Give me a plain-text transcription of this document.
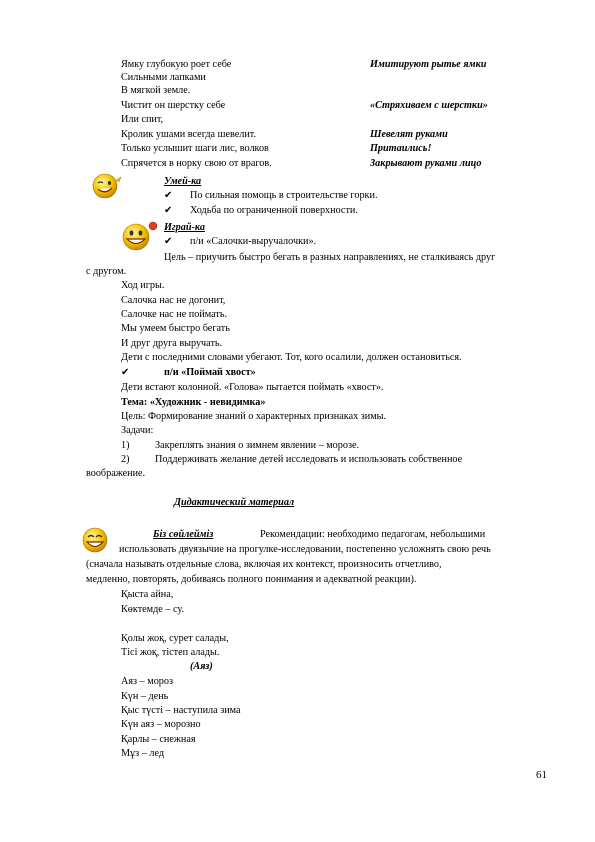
Ямку глубокую роет себе	Имитируют рытье ямки
Сильными лапками
В мягкой земле.
Чистит он шерстку себе	«Стряхиваем с шерстки»
Или спит,
Кролик ушами всегда шевелит.	Шевелят руками
Только услышит шаги лис, волков	Притаились!
Спрячется в норку свою от врагов.	Закрывают руками лицо
Умей-ка
✔ По сильная помощь в строительстве горки.
✔ Ходьба по ограниченной поверхности.
Играй-ка
✔ п/и «Салочки-выручалочки».
Цель – приучить быстро бегать в разных направлениях, не сталкиваясь друг
с другом.
Ход игры.
Салочка нас не догонит,
Салочке нас не поймать.
Мы умеем быстро бегать
И друг друга выручать.
Дети с последними словами убегают. Тот, кого осалили, должен остановиться.
✔	п/и «Поймай хвост»
Дети встают колонной. «Голова» пытается поймать «хвост».
Тема: «Художник - невидимка»
Цель: Формирование знаний о характерных признаках зимы.
Задачи:
1)	Закреплять знания о зимнем явлении – морозе.
2)	Поддерживать желание детей исследовать и использовать собственное
воображение.
Дидактический материал
Біз сөйлейміз	Рекомендации: необходимо педагогам, небольшими
использовать двуязычие на прогулке-исследовании, постепенно усложнять свою речь
(сначала называть отдельные слова, включая их контекст, произносить отчетливо,
медленно, повторять, добиваясь полного понимания и адекватной реакции).
Қыста айна,
Көктемде – су.
Қолы жоқ, сурет салады,
Тісі жоқ, тістеп алады.
(Аяз)
Аяз – мороз
Күн – день
Қыс түсті – наступила зима
Күн аяз – морозно
Қарлы – снежная
Мұз – лед
61
